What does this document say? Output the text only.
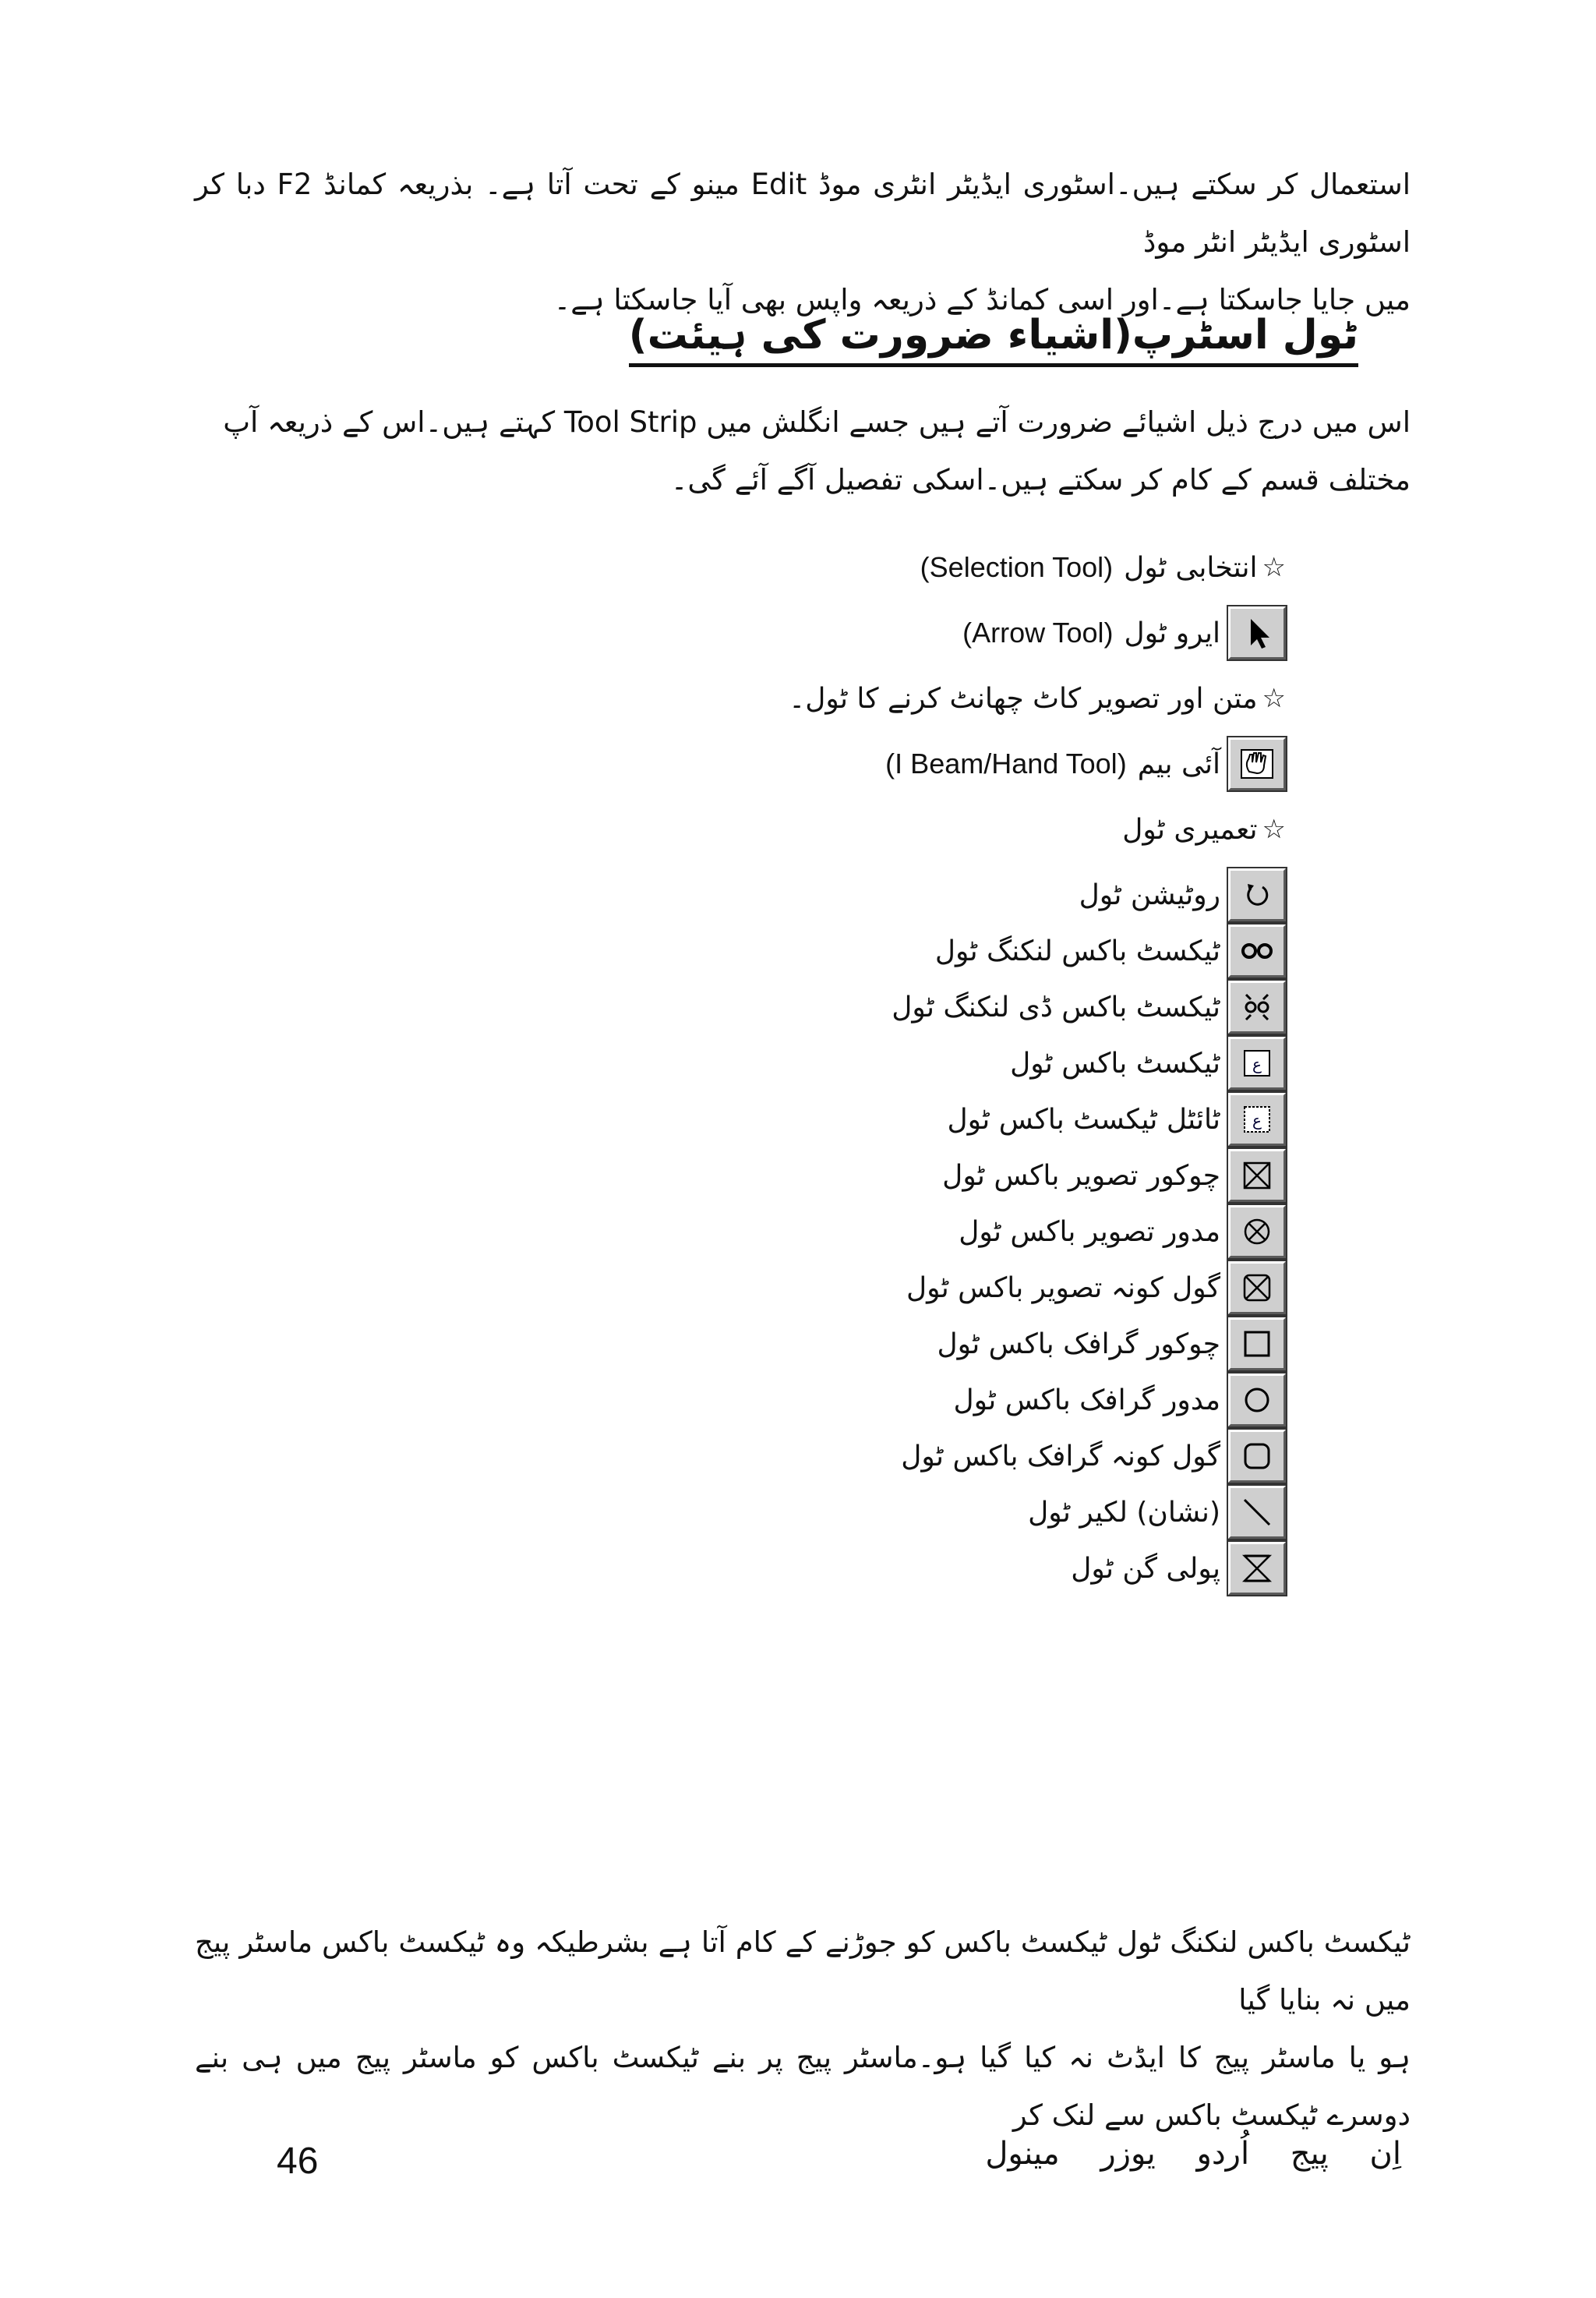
استعمال کر سکتے ہیں۔اسٹوری ایڈیٹر انٹری موڈ Edit مینو کے تحت آتا ہے۔ بذریعہ کمانڈ F2 دبا کر اسٹوری ایڈیٹر انٹر موڈ

میں جایا جاسکتا ہے۔اور اسی کمانڈ کے ذریعہ واپس بھی آیا جاسکتا ہے۔

ٹول اسٹرپ(اشیاء ضرورت کی ہیئت)

اس میں درج ذیل اشیائے ضرورت آتے ہیں جسے انگلش میں Tool Strip کہتے ہیں۔اس کے ذریعہ آپ

مختلف قسم کے کام کر سکتے ہیں۔اسکی تفصیل آگے آئے گی۔

☆
انتخابی ٹول
(Selection Tool)
ایرو ٹول
(Arrow Tool)
☆
متن اور تصویر کاٹ چھانٹ کرنے کا ٹول۔
آئی بیم
(I Beam/Hand Tool)
☆
تعمیری ٹول
روٹیشن ٹول
ٹیکسٹ باکس لنکنگ ٹول
ٹیکسٹ باکس ڈی لنکنگ ٹول
ع
ٹیکسٹ باکس ٹول
ع
ٹائٹل ٹیکسٹ باکس ٹول
چوکور تصویر باکس ٹول
مدور تصویر باکس ٹول
گول کونہ تصویر باکس ٹول
چوکور گرافک باکس ٹول
مدور گرافک باکس ٹول
گول کونہ گرافک باکس ٹول
(نشان) لکیر ٹول
پولی گن ٹول

ٹیکسٹ باکس لنکنگ ٹول ٹیکسٹ باکس کو جوڑنے کے کام آتا ہے بشرطیکہ وہ ٹیکسٹ باکس ماسٹر پیج میں نہ بنایا گیا

ہو یا ماسٹر پیج کا ایڈٹ نہ کیا گیا ہو۔ماسٹر پیج پر بنے ٹیکسٹ باکس کو ماسٹر پیج میں ہی بنے دوسرے ٹیکسٹ باکس سے لنک کر

46	اِن پیج اُردو یوزر مینول
